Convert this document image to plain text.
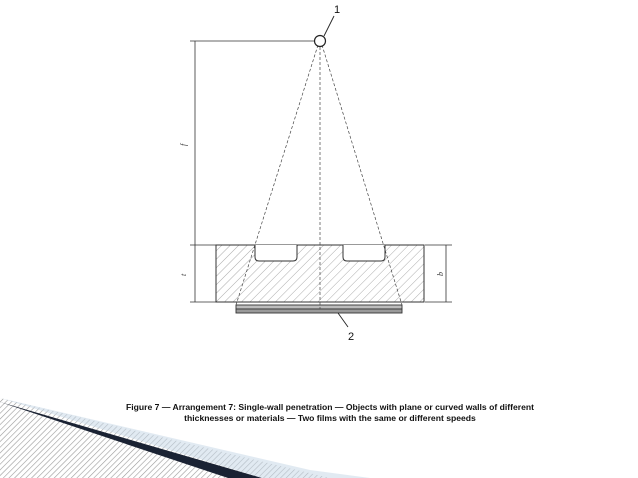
f
t	b
1
2
Figure 7 — Arrangement 7: Single-wall penetration — Objects with plane or curved walls of different
thicknesses or materials — Two films with the same or different speeds
